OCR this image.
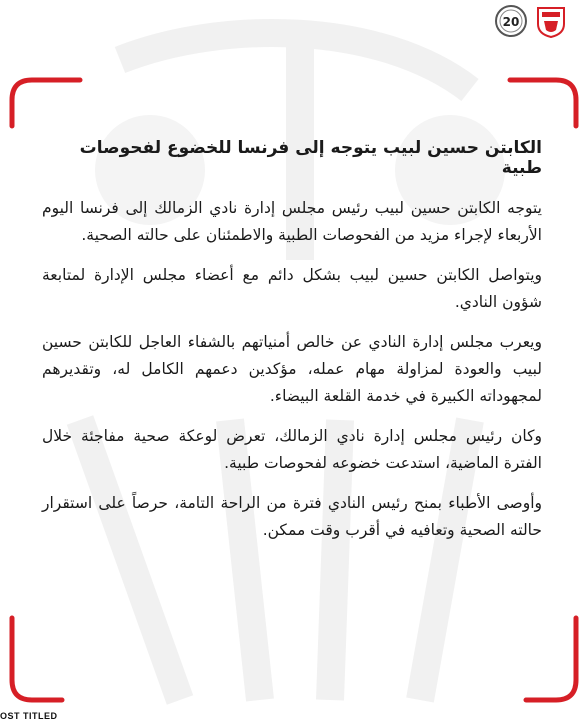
20
الكابتن حسين لبيب يتوجه إلى فرنسا للخضوع لفحوصات طبية

يتوجه الكابتن حسين لبيب رئيس مجلس إدارة نادي الزمالك إلى فرنسا اليوم الأربعاء لإجراء مزيد من الفحوصات الطبية والاطمئنان على حالته الصحية.

ويتواصل الكابتن حسين لبيب بشكل دائم مع أعضاء مجلس الإدارة لمتابعة شؤون النادي.

ويعرب مجلس إدارة النادي عن خالص أمنياتهم بالشفاء العاجل للكابتن حسين لبيب والعودة لمزاولة مهام عمله، مؤكدين دعمهم الكامل له، وتقديرهم لمجهوداته الكبيرة في خدمة القلعة البيضاء.

وكان رئيس مجلس إدارة نادي الزمالك، تعرض لوعكة صحية مفاجئة خلال الفترة الماضية، استدعت خضوعه لفحوصات طبية.

وأوصى الأطباء بمنح رئيس النادي فترة من الراحة التامة، حرصاً على استقرار حالته الصحية وتعافيه في أقرب وقت ممكن.

OST TITLED
